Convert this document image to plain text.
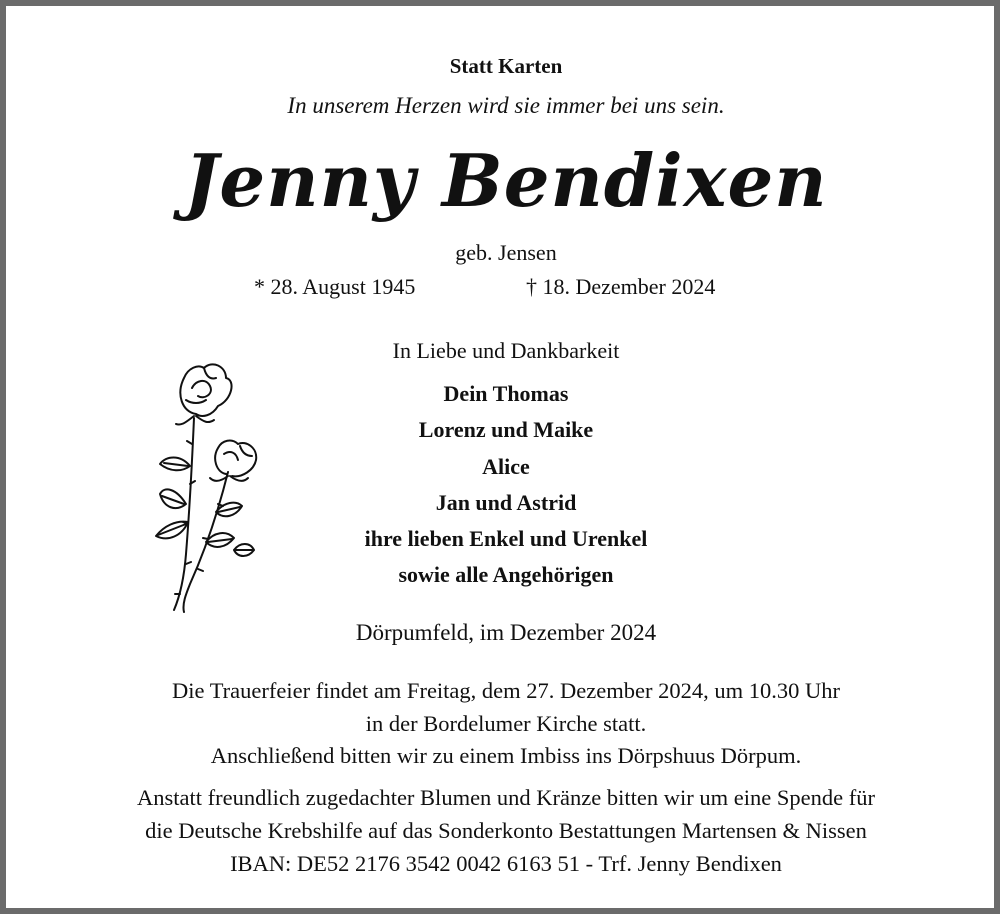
Statt Karten
In unserem Herzen wird sie immer bei uns sein.
Jenny Bendixen
geb. Jensen
* 28. August 1945	† 18. Dezember 2024
In Liebe und Dankbarkeit
Dein Thomas
Lorenz und Maike
Alice
Jan und Astrid
ihre lieben Enkel und Urenkel
sowie alle Angehörigen
Dörpumfeld, im Dezember 2024
Die Trauerfeier findet am Freitag, dem 27. Dezember 2024, um 10.30 Uhr
in der Bordelumer Kirche statt.
Anschließend bitten wir zu einem Imbiss ins Dörpshuus Dörpum.
Anstatt freundlich zugedachter Blumen und Kränze bitten wir um eine Spende für
die Deutsche Krebshilfe auf das Sonderkonto Bestattungen Martensen & Nissen
IBAN: DE52 2176 3542 0042 6163 51 - Trf. Jenny Bendixen
